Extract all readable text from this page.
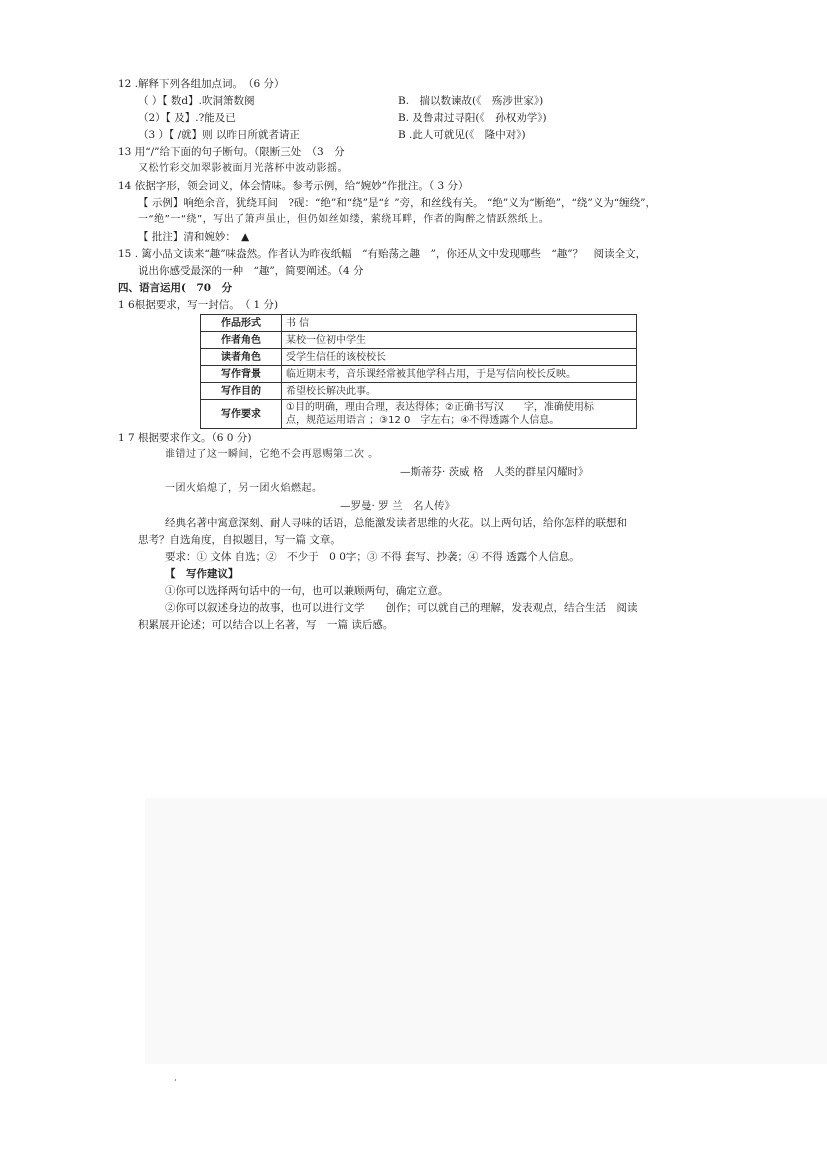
12 .解释下列各组加点词。　（6 分）
（ ）【 数d】.吹洞箫数阕	B.　揣以数谏故(《　殇涉世家》)
（2）【 及】.?能及已	B. 及鲁肃过寻阳(《　孙权劝学》)
（3 ）【 /就】则 以昨日所就者请正	B .此人可就见(《　隆中对》)
13 用“/”给下面的句子断句。（限断三处　（3　分
又松竹彩交加翠影被面月光落杯中波动影摇。
14 依据字形，领会词义，体会情味。参考示例，给“婉妙”作批注。（ 3 分）
【 示例】响绝余音，犹绕耳间　?砚：“绝”和“绕”是“纟”旁，和丝线有关。 “绝”义为“断绝”，“绕”义为“缠绕”，
一“绝”一“绕”，写出了箫声虽止，但仍如丝如缕，萦绕耳畔，作者的陶醉之情跃然纸上。
【 批注】清和婉妙：　▲
15 . 篱小品文读来“趣”味盎然。作者认为昨夜纸幅　“有贻荡之趣　”，你还从文中发现哪些　“趣”？　阅读全文，
说出你感受最深的一种　“趣”，简要阐述。（4 分
四、语言运用(　70　分
1 6根据要求，写一封信。　（ 1 分)
作品形式	书 信
作者角色	某校一位初中学生
读者角色	受学生信任的该校校长
写作背景	临近期末考，音乐课经常被其他学科占用，于是写信向校长反映。
写作目的	希望校长解决此事。
写作要求	①目的明确，理由合理，表达得体；②正确书写汉　　字，准确使用标
点，规范运用语言 ；③12 0　字左右；④不得透露个人信息。
1 7 根据要求作文。（6 0 分)
谁错过了这一瞬间，它绝不会再恩赐第二次 。
—斯蒂芬· 茨威 格　人类的群星闪耀时》
一团火焰熄了，另一团火焰燃起。
—罗曼· 罗 兰　名人传》
经典名著中寓意深刻、耐人寻味的话语，总能激发读者思维的火花。以上两句话，给你怎样的联想和
思考？自选角度，自拟题目，写一篇 文章。
要求：① 文体 自选；②　不少于　0 0字；③ 不得 套写、抄袭；④ 不得 透露个人信息。
【　写作建议】
①你可以选择两句话中的一句，也可以兼顾两句，确定立意。
②你可以叙述身边的故事，也可以进行文学　　创作；可以就自己的理解，发表观点，结合生活　阅读
积累展开论述；可以结合以上名著，写　一篇 读后感。
‘
